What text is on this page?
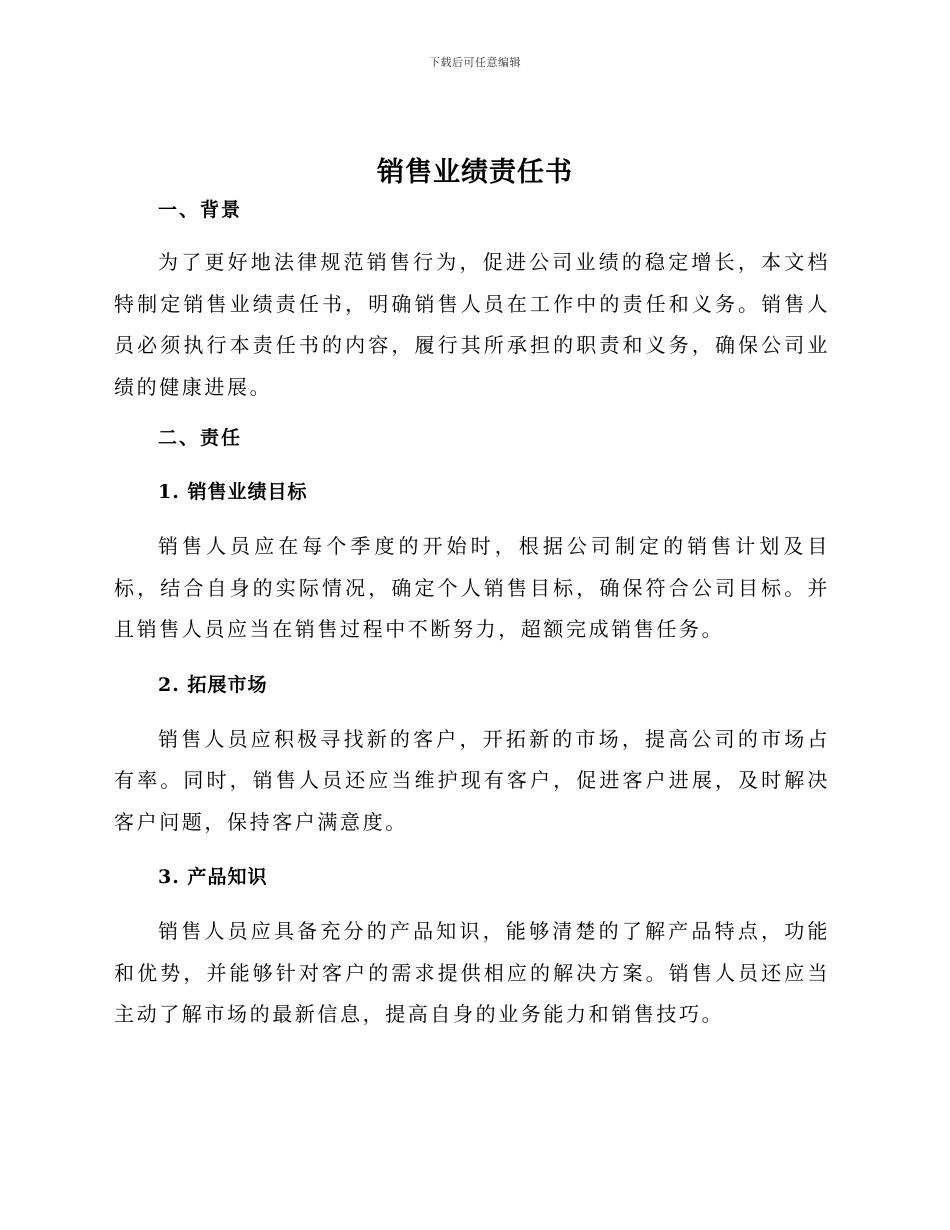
下载后可任意编辑
销售业绩责任书
一、背景

为了更好地法律规范销售行为，促进公司业绩的稳定增长，本文档特制定销售业绩责任书，明确销售人员在工作中的责任和义务。销售人员必须执行本责任书的内容，履行其所承担的职责和义务，确保公司业绩的健康进展。

二、责任
1. 销售业绩目标

销售人员应在每个季度的开始时，根据公司制定的销售计划及目标，结合自身的实际情况，确定个人销售目标，确保符合公司目标。并且销售人员应当在销售过程中不断努力，超额完成销售任务。

2. 拓展市场

销售人员应积极寻找新的客户，开拓新的市场，提高公司的市场占有率。同时，销售人员还应当维护现有客户，促进客户进展，及时解决客户问题，保持客户满意度。

3. 产品知识

销售人员应具备充分的产品知识，能够清楚的了解产品特点，功能和优势，并能够针对客户的需求提供相应的解决方案。销售人员还应当主动了解市场的最新信息，提高自身的业务能力和销售技巧。
